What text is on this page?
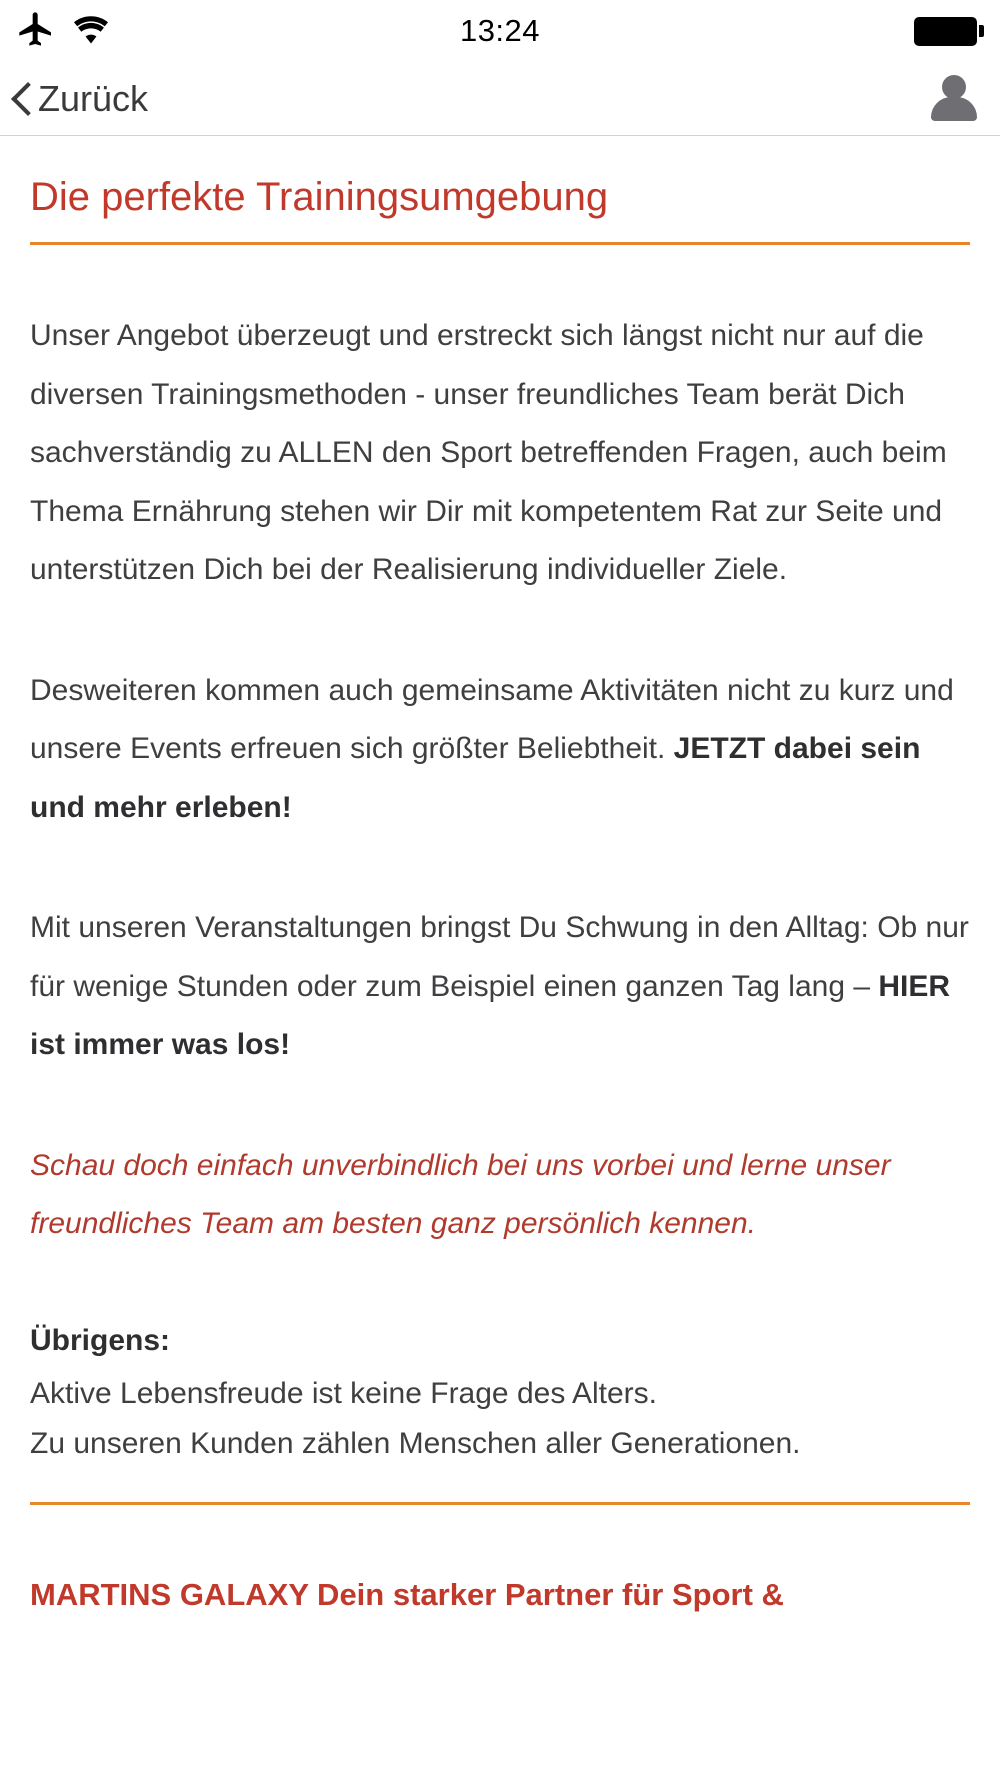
13:24
Zurück
Die perfekte Trainingsumgebung

Unser Angebot überzeugt und erstreckt sich längst nicht nur auf die diversen Trainingsmethoden - unser freundliches Team berät Dich sachverständig zu ALLEN den Sport betreffenden Fragen, auch beim Thema Ernährung stehen wir Dir mit kompetentem Rat zur Seite und unterstützen Dich bei der Realisierung individueller Ziele.

Desweiteren kommen auch gemeinsame Aktivitäten nicht zu kurz und unsere Events erfreuen sich größter Beliebtheit. JETZT dabei sein und mehr erleben!

Mit unseren Veranstaltungen bringst Du Schwung in den Alltag: Ob nur für wenige Stunden oder zum Beispiel einen ganzen Tag lang – HIER ist immer was los!

Schau doch einfach unverbindlich bei uns vorbei und lerne unser freundliches Team am besten ganz persönlich kennen.

Übrigens:
Aktive Lebensfreude ist keine Frage des Alters.
Zu unseren Kunden zählen Menschen aller Generationen.
MARTINS GALAXY Dein starker Partner für Sport &
